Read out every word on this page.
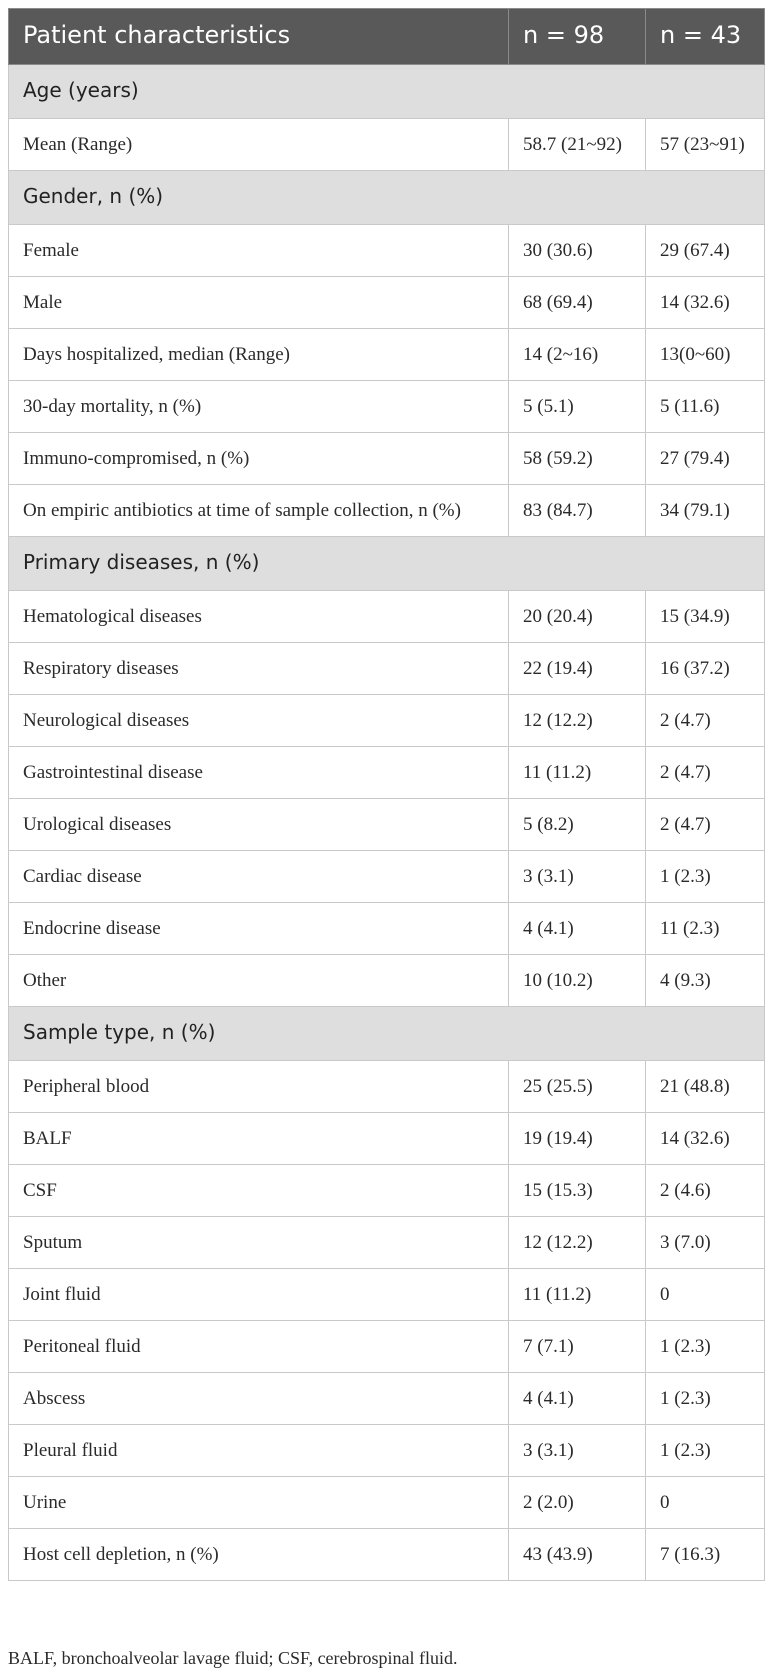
Patient characteristics	n = 98	n = 43
Age (years)		
Mean (Range)	58.7 (21~92)	57 (23~91)
Gender, n (%)		
Female	30 (30.6)	29 (67.4)
Male	68 (69.4)	14 (32.6)
Days hospitalized, median (Range)	14 (2~16)	13(0~60)
30-day mortality, n (%)	5 (5.1)	5 (11.6)
Immuno-compromised, n (%)	58 (59.2)	27 (79.4)
On empiric antibiotics at time of sample collection, n (%)	83 (84.7)	34 (79.1)
Primary diseases, n (%)		
Hematological diseases	20 (20.4)	15 (34.9)
Respiratory diseases	22 (19.4)	16 (37.2)
Neurological diseases	12 (12.2)	2 (4.7)
Gastrointestinal disease	11 (11.2)	2 (4.7)
Urological diseases	5 (8.2)	2 (4.7)
Cardiac disease	3 (3.1)	1 (2.3)
Endocrine disease	4 (4.1)	11 (2.3)
Other	10 (10.2)	4 (9.3)
Sample type, n (%)		
Peripheral blood	25 (25.5)	21 (48.8)
BALF	19 (19.4)	14 (32.6)
CSF	15 (15.3)	2 (4.6)
Sputum	12 (12.2)	3 (7.0)
Joint fluid	11 (11.2)	0
Peritoneal fluid	7 (7.1)	1 (2.3)
Abscess	4 (4.1)	1 (2.3)
Pleural fluid	3 (3.1)	1 (2.3)
Urine	2 (2.0)	0
Host cell depletion, n (%)	43 (43.9)	7 (16.3)
BALF, bronchoalveolar lavage fluid; CSF, cerebrospinal fluid.
